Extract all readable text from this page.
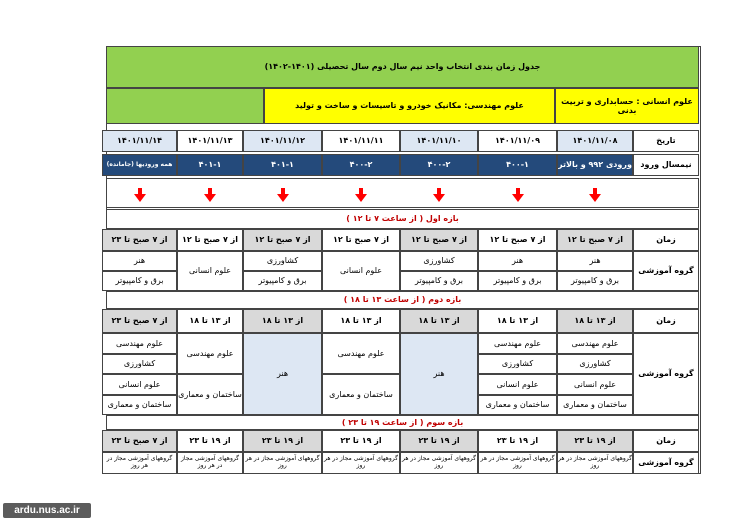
جدول زمان بندی انتخاب واحد نیم سال دوم سال تحصیلی (۱۴۰۱-۱۴۰۲)
علوم انسانی : حسابداری و تربیت بدنی
علوم مهندسی: مکانیک خودرو و تاسیسات و ساخت و تولید
تاریخ
نیمسال ورود
۱۴۰۱/۱۱/۰۸
ورودی ۹۹۲ و بالاتر
۱۴۰۱/۱۱/۰۹
۴۰۰-۱
۱۴۰۱/۱۱/۱۰
۴۰۰-۲
۱۴۰۱/۱۱/۱۱
۴۰۰-۲
۱۴۰۱/۱۱/۱۲
۴۰۱-۱
۱۴۰۱/۱۱/۱۳
۴۰۱-۱
۱۴۰۱/۱۱/۱۴
همه ورودیها (جامانده)
بازه اول ( از ساعت ۷ تا ۱۲ )
زمان
گروه آموزشی
از ۷ صبح تا ۱۲
هنر
برق و کامپیوتر
از ۷ صبح تا ۱۲
هنر
برق و کامپیوتر
از ۷ صبح تا ۱۲
کشاورزی
برق و کامپیوتر
از ۷ صبح تا ۱۲
علوم انسانی
از ۷ صبح تا ۱۲
کشاورزی
برق و کامپیوتر
از ۷ صبح تا ۱۲
علوم انسانی
از ۷ صبح تا ۲۳
هنر
برق و کامپیوتر
بازه دوم ( از ساعت ۱۳ تا ۱۸ )
زمان
گروه آموزشی
از ۱۳ تا ۱۸
علوم مهندسی
کشاورزی
علوم انسانی
ساختمان و معماری
از ۱۳ تا ۱۸
علوم مهندسی
کشاورزی
علوم انسانی
ساختمان و معماری
از ۱۳ تا ۱۸
هنر
از ۱۳ تا ۱۸
علوم مهندسی
ساختمان و معماری
از ۱۳ تا ۱۸
هنر
از ۱۳ تا ۱۸
علوم مهندسی
ساختمان و معماری
از ۷ صبح تا ۲۳
علوم مهندسی
کشاورزی
علوم انسانی
ساختمان و معماری
بازه سوم ( از ساعت ۱۹ تا ۲۳ )
زمان
گروه آموزشی
از ۱۹ تا ۲۳
گروههای آموزشی مجاز در هر روز
از ۱۹ تا ۲۳
گروههای آموزشی مجاز در هر روز
از ۱۹ تا ۲۳
گروههای آموزشی مجاز در هر روز
از ۱۹ تا ۲۳
گروههای آموزشی مجاز در هر روز
از ۱۹ تا ۲۳
گروههای آموزشی مجاز در هر روز
از ۱۹ تا ۲۳
گروههای آموزشی مجاز در هر روز
از ۷ صبح تا ۲۳
گروههای آموزشی مجاز در هر روز
ardu.nus.ac.ir
